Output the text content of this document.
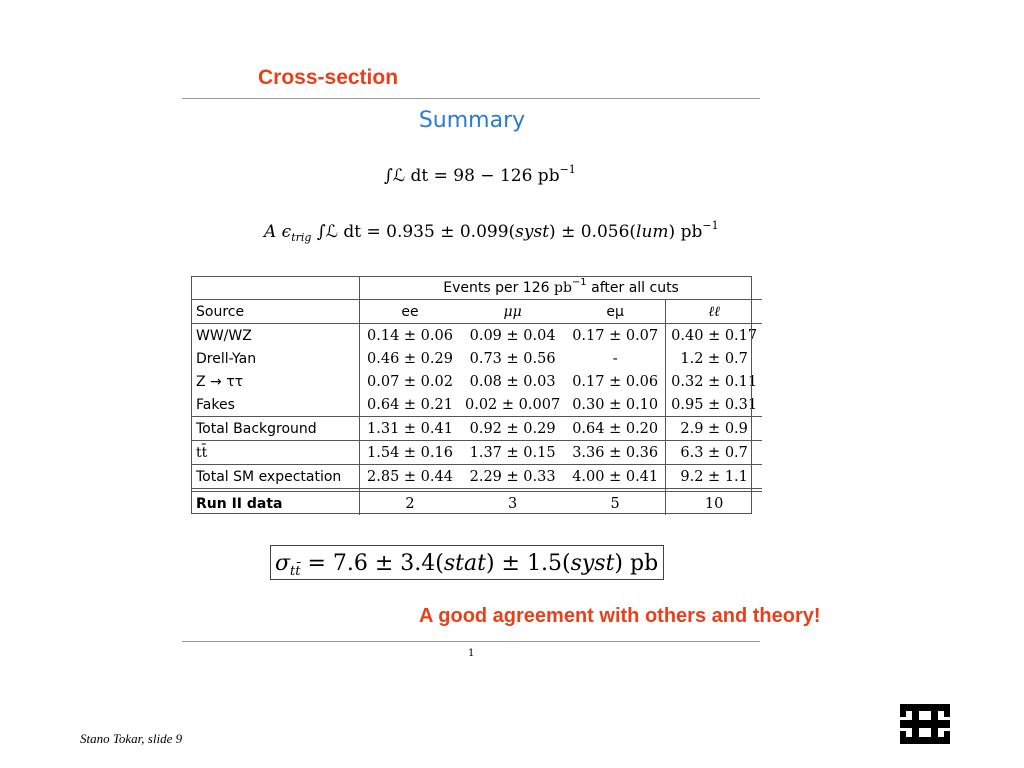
Cross-section
Summary
∫ℒ dt = 98 − 126 $pb^{-1}$
A $\epsilon_{trig}$ ∫ℒ dt = 0.935 ± 0.099(syst) ± 0.056(lum) $pb^{-1}$
	Events per 126 $pb^{-1}$ after all cuts			
Source	ee	μμ	eμ	ℓℓ
WW/WZ	0.14 ± 0.06	0.09 ± 0.04	0.17 ± 0.07	0.40 ± 0.17
Drell-Yan	0.46 ± 0.29	0.73 ± 0.56	-	1.2 ± 0.7
Z → ττ	0.07 ± 0.02	0.08 ± 0.03	0.17 ± 0.06	0.32 ± 0.11
Fakes	0.64 ± 0.21	0.02 ± 0.007	0.30 ± 0.10	0.95 ± 0.31
Total Background	1.31 ± 0.41	0.92 ± 0.29	0.64 ± 0.20	2.9 ± 0.9
tt̄	1.54 ± 0.16	1.37 ± 0.15	3.36 ± 0.36	6.3 ± 0.7
Total SM expectation	2.85 ± 0.44	2.29 ± 0.33	4.00 ± 0.41	9.2 ± 1.1

Run II data	2	3	5	10
$\sigma_{tt̄} = 7.6$ ± 3.4(stat) ± 1.5(syst) pb
A good agreement with others and theory!
1
Stano Tokar, slide 9
